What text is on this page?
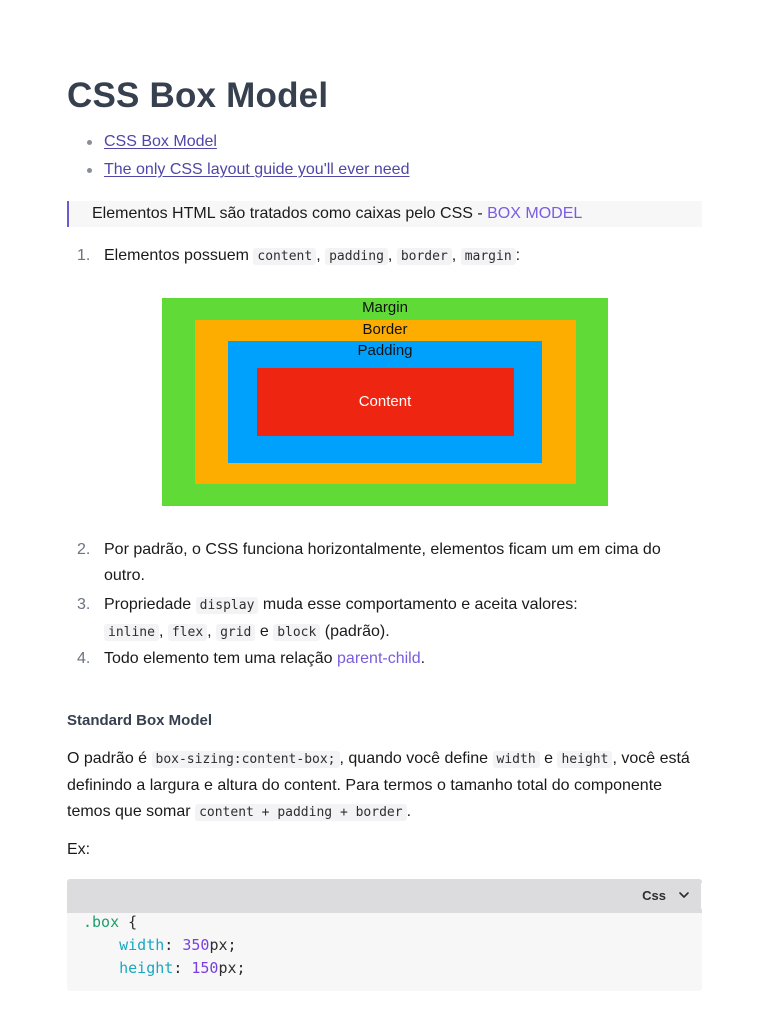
CSS Box Model
CSS Box Model
The only CSS layout guide you'll ever need
Elementos HTML são tratados como caixas pelo CSS - BOX MODEL
1. Elementos possuem content , padding , border , margin :
Margin
Border
Padding
Content
2. Por padrão, o CSS funciona horizontalmente, elementos ficam um em cima do outro.
3. Propriedade display muda esse comportamento e aceita valores:
inline , flex , grid e block (padrão).
4. Todo elemento tem uma relação parent-child.
Standard Box Model
O padrão é box-sizing:content-box; , quando você define width e height , você está definindo a largura e altura do content. Para termos o tamanho total do componente temos que somar content + padding + border .
Ex:
Css
.box {
width: 350px;
height: 150px;
